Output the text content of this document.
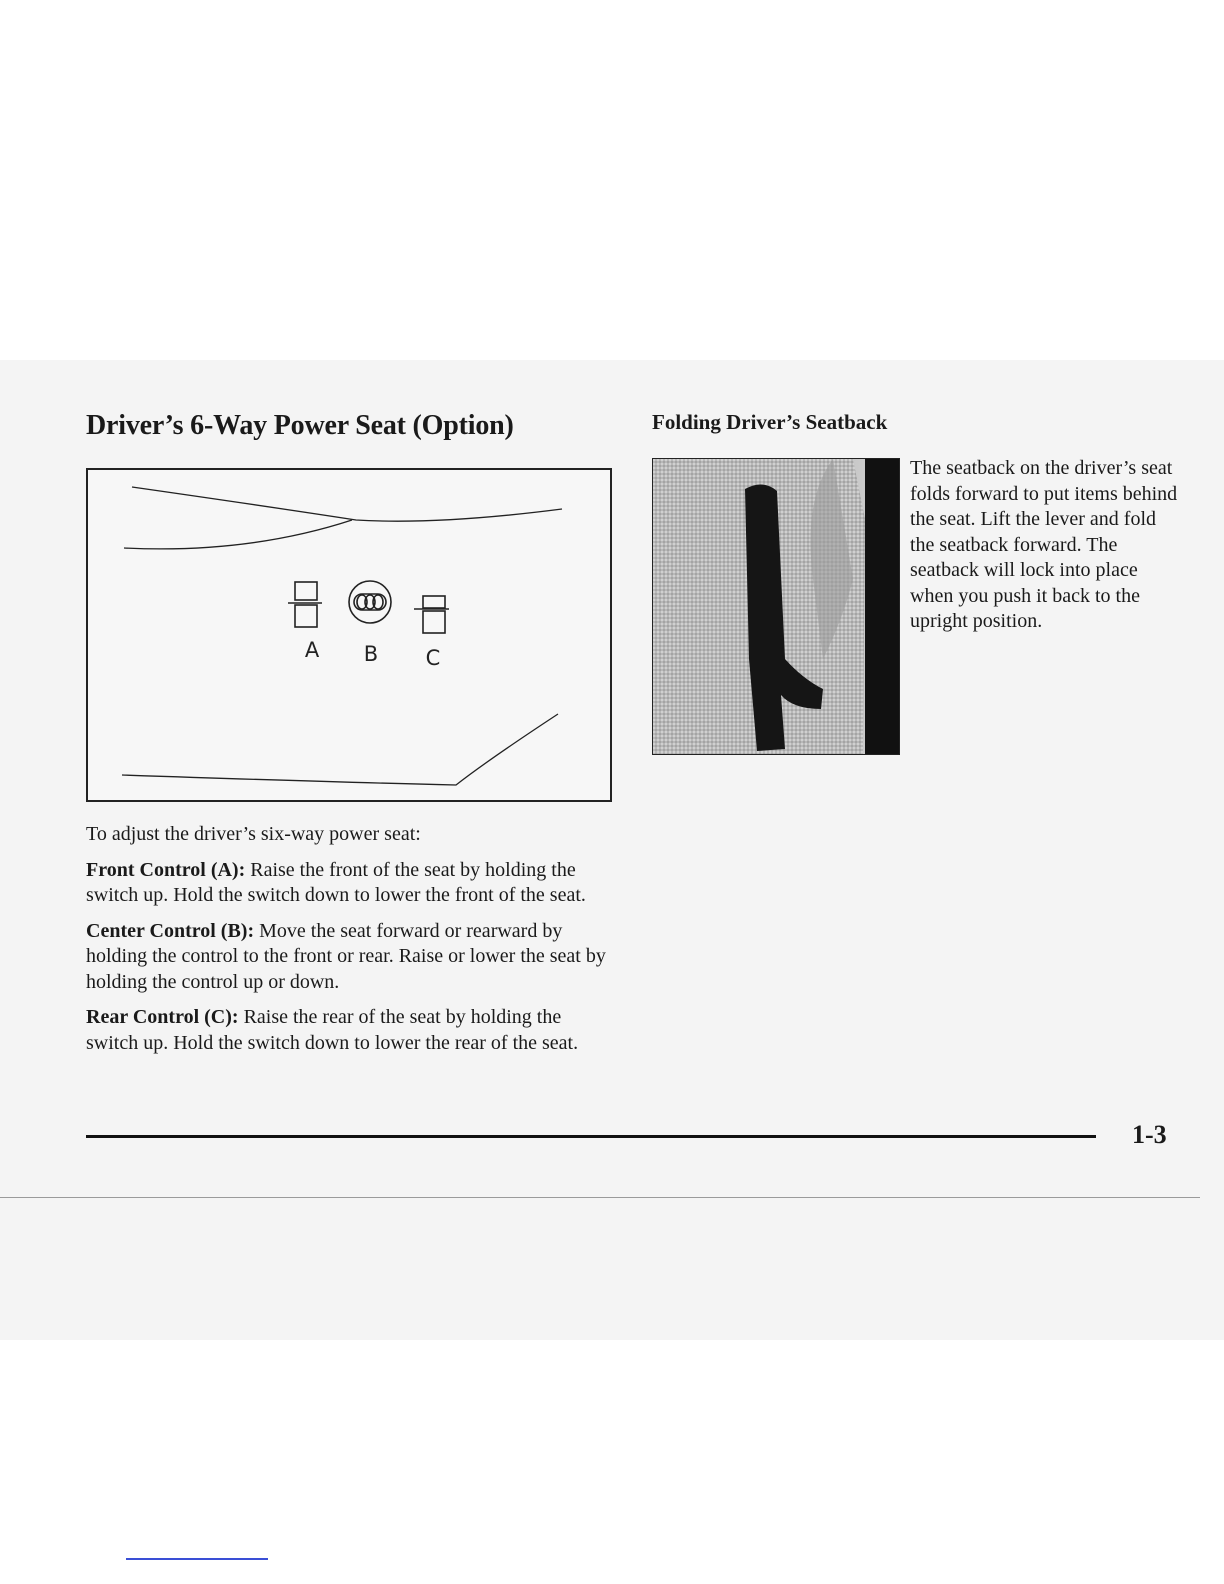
Driver’s 6-Way Power Seat (Option)
A B C

To adjust the driver’s six-way power seat:

Front Control (A): Raise the front of the seat by holding the switch up. Hold the switch down to lower the front of the seat.

Center Control (B): Move the seat forward or rearward by holding the control to the front or rear. Raise or lower the seat by holding the control up or down.

Rear Control (C): Raise the rear of the seat by holding the switch up. Hold the switch down to lower the rear of the seat.

Folding Driver’s Seatback

The seatback on the driver’s seat folds forward to put items behind the seat. Lift the lever and fold the seatback forward. The seatback will lock into place when you push it back to the upright position.

1-3
